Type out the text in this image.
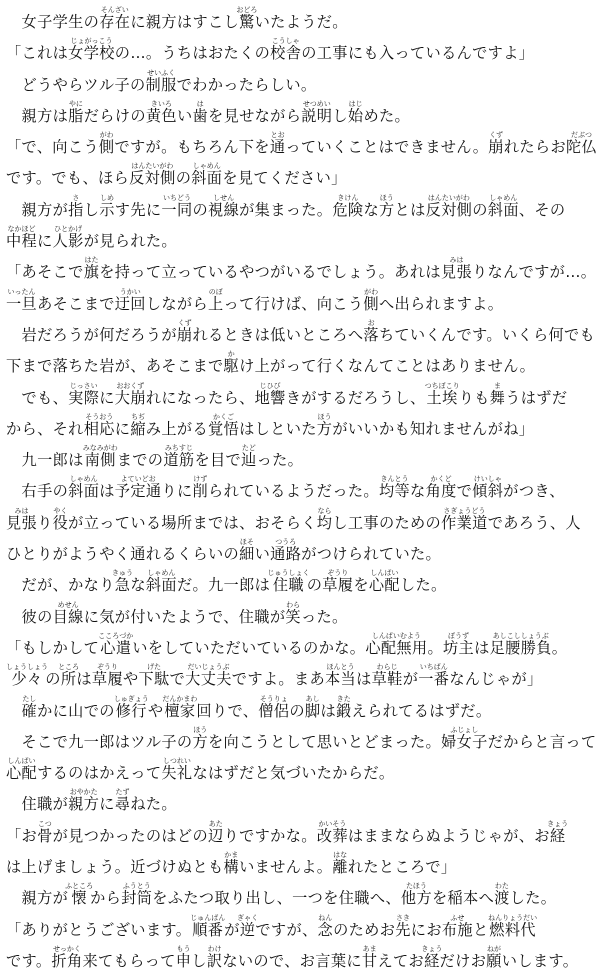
　女子学生の存在そんざいに親方はすこし驚おどろいたようだ。
「これは女学校じょがっこうの…。うちはおたくの校舎こうしゃの工事にも入っているんですよ」
　どうやらツル子の制服せいふくでわかったらしい。
　親方は脂やにだらけの黄色きいろい歯はを見せながら説明せつめいし始はじめた。
「で、向こう側がわですが。もちろん下を通とおっていくことはできません。崩くずれたらお陀仏だぶつ
です。でも、ほら反対側はんたいがわの斜面しゃめんを見てください」
　親方が指さし示しめす先に一同いちどうの視線しせんが集まった。危険きけんな方ほうとは反対側はんたいがわの斜面しゃめん、その
中程なかほどに人影ひとかげが見られた。
「あそこで旗はたを持って立っているやつがいるでしょう。あれは見張みはりなんですが…。
一旦いったんあそこまで迂回うかいしながら上のぼって行けば、向こう側がわへ出られますよ。
　岩だろうが何だろうが崩くずれるときは低いところへ落おちていくんです。いくら何でも
下まで落ちた岩が、あそこまで駆かけ上がって行くなんてことはありません。
　でも、実際じっさいに大崩おおくずれになったら、地響じひびきがするだろうし、土埃つちぼこりりも舞まうはずだ
から、それ相応そうおうに縮ちぢみ上がる覚悟かくごはしといた方ほうがいいかも知れませんがね」
　九一郎は南側みなみがわまでの道筋みちすじを目で辿たどった。
　右手の斜面しゃめんは予定通よていどおりに削けずられているようだった。均等きんとうな角度かくどで傾斜けいしゃがつき、
見張みはり役やくが立っている場所までは、おそらく均ならし工事のための作業道さぎょうどうであろう、人
ひとりがようやく通れるくらいの細ほそい通路つうろがつけられていた。
　だが、かなり急きゅうな斜面しゃめんだ。九一郎は住職じゅうしょくの草履ぞうりを心配しんぱいした。
　彼の目線めせんに気が付いたようで、住職が笑わらった。
「もしかして心遣こころづかいをしていただいているのかな。心配無用しんぱいむよう。坊主ぼうずは足腰勝負あしこししょうぶ。
少々しょうしょうの所ところは草履ぞうりや下駄げたで大丈夫だいじょうぶですよ。まあ本当ほんとうは草鞋わらじが一番いちばんなんじゃが」
　確たしかに山での修行しゅぎょうや檀家だんかまわ回りで、僧侶そうりょの脚あしは鍛きたえられてるはずだ。
　そこで九一郎はツル子の方ほうを向こうとして思いとどまった。婦女子ふじょしだからと言って
心配しんぱいするのはかえって失礼しつれいなはずだと気づいたからだ。
　住職が親方おやかたに尋たずねた。
「お骨こつが見つかったのはどの辺あたりですかな。改葬かいそうはままならぬようじゃが、お経きょう
は上げましょう。近づけぬとも構かまいませんよ。離はなれたところで」
　親方が懐ふところから封筒ふうとうをふたつ取り出し、一つを住職へ、他方たほうを稲本へ渡わたした。
「ありがとうございます。順番じゅんばんが逆ぎゃくですが、念ねんのためお先さきにお布施ふせと燃料代ねんりょうだい
です。折角せっかく来てもらって申もうし訳わけないので、お言葉に甘あまえてお経きょうだけお願ねがいします。
